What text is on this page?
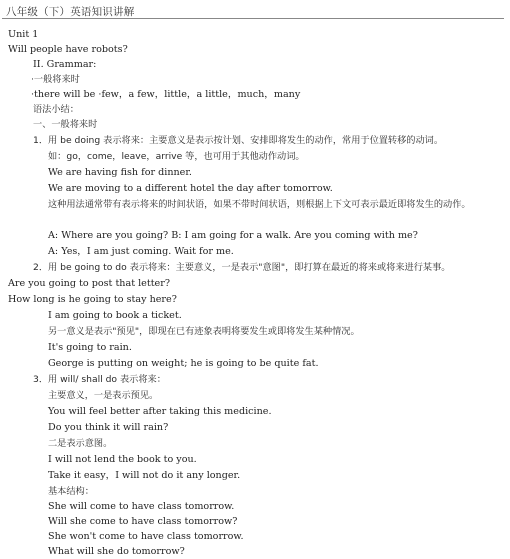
八年级（下）英语知识讲解
Unit 1
Will people have robots?
II. Grammar:
·一般将来时
·there will be ·few，a few，little，a little，much，many
语法小结：
一、一般将来时
1．用 be doing 表示将来：主要意义是表示按计划、安排即将发生的动作，常用于位置转移的动词。
如：go，come，leave，arrive 等，也可用于其他动作动词。
We are having fish for dinner.
We are moving to a different hotel the day after tomorrow.
这种用法通常带有表示将来的时间状语，如果不带时间状语，则根据上下文可表示最近即将发生的动作。
A: Where are you going? B: I am going for a walk. Are you coming with me?
A: Yes，I am just coming. Wait for me.
2．用 be going to do 表示将来：主要意义，一是表示"意图"，即打算在最近的将来或将来进行某事。
Are you going to post that letter?
How long is he going to stay here?
I am going to book a ticket.
另一意义是表示"预见"，即现在已有迹象表明将要发生或即将发生某种情况。
It's going to rain.
George is putting on weight; he is going to be quite fat.
3．用 will/ shall do 表示将来：
主要意义，一是表示预见。
You will feel better after taking this medicine.
Do you think it will rain?
二是表示意图。
I will not lend the book to you.
Take it easy，I will not do it any longer.
基本结构：
She will come to have class tomorrow.
Will she come to have class tomorrow?
She won't come to have class tomorrow.
What will she do tomorrow?
